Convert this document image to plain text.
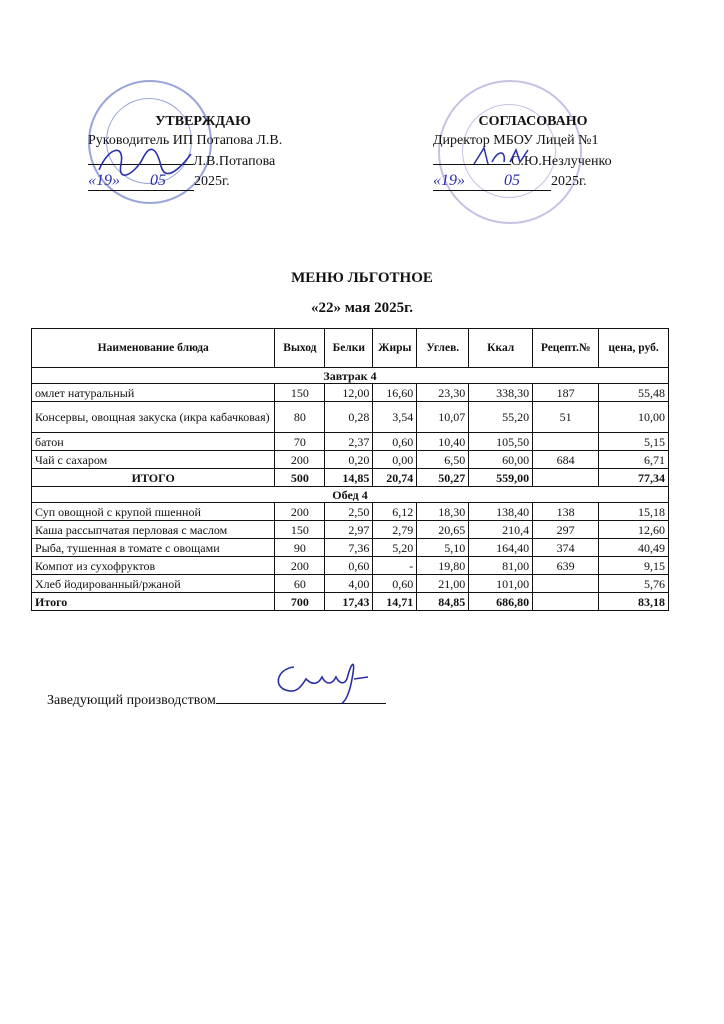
УТВЕРЖДАЮ
Руководитель ИП Потапова Л.В.
Л.В.Потапова
«19» 05 2025г.
СОГЛАСОВАНО
Директор МБОУ Лицей №1
С.Ю.Незлученко
«19» 05 2025г.
МЕНЮ ЛЬГОТНОЕ
«22» мая 2025г.
Наименование блюда	Выход	Белки	Жиры	Углев.	Ккал	Рецепт.№	цена, руб.
Завтрак 4							
омлет натуральный	150	12,00	16,60	23,30	338,30	187	55,48
Консервы, овощная закуска (икра кабачковая)	80	0,28	3,54	10,07	55,20	51	10,00
батон	70	2,37	0,60	10,40	105,50		5,15
Чай с сахаром	200	0,20	0,00	6,50	60,00	684	6,71
ИТОГО	500	14,85	20,74	50,27	559,00		77,34
Обед 4							
Суп овощной с крупой пшенной	200	2,50	6,12	18,30	138,40	138	15,18
Каша рассыпчатая перловая с маслом	150	2,97	2,79	20,65	210,4	297	12,60
Рыба, тушенная в томате с овощами	90	7,36	5,20	5,10	164,40	374	40,49
Компот из сухофруктов	200	0,60	-	19,80	81,00	639	9,15
Хлеб йодированный/ржаной	60	4,00	0,60	21,00	101,00		5,76
Итого	700	17,43	14,71	84,85	686,80		83,18
Заведующий производством
